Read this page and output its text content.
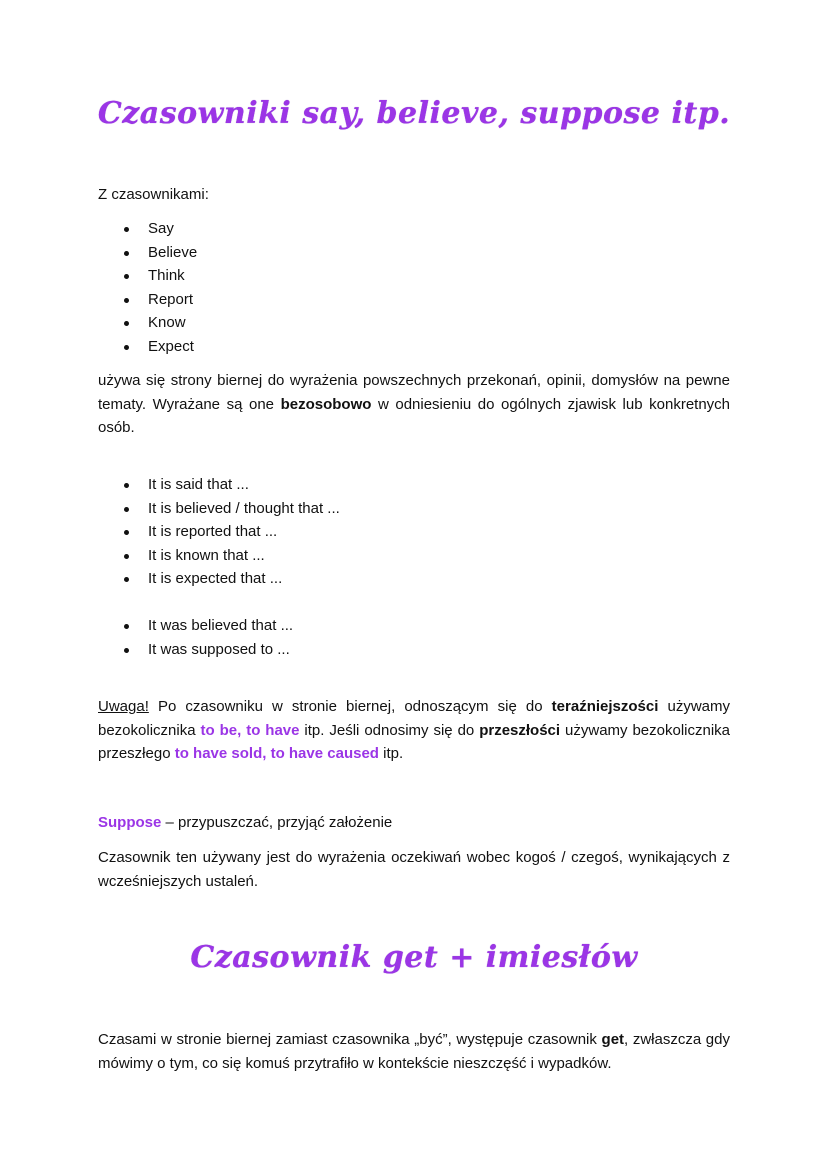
Czasowniki say, believe, suppose itp.

Z czasownikami:

Say
Believe
Think
Report
Know
Expect

używa się strony biernej do wyrażenia powszechnych przekonań, opinii, domysłów na pewne tematy. Wyrażane są one bezosobowo w odniesieniu do ogólnych zjawisk lub konkretnych osób.

It is said that ...
It is believed / thought that ...
It is reported that ...
It is known that ...
It is expected that ...
It was believed that ...
It was supposed to ...

Uwaga! Po czasowniku w stronie biernej, odnoszącym się do teraźniejszości używamy bezokolicznika to be, to have itp. Jeśli odnosimy się do przeszłości używamy bezokolicznika przeszłego to have sold, to have caused itp.

Suppose – przypuszczać, przyjąć założenie

Czasownik ten używany jest do wyrażenia oczekiwań wobec kogoś / czegoś, wynikających z wcześniejszych ustaleń.

Czasownik get + imiesłów

Czasami w stronie biernej zamiast czasownika „być”, występuje czasownik get, zwłaszcza gdy mówimy o tym, co się komuś przytrafiło w kontekście nieszczęść i wypadków.
